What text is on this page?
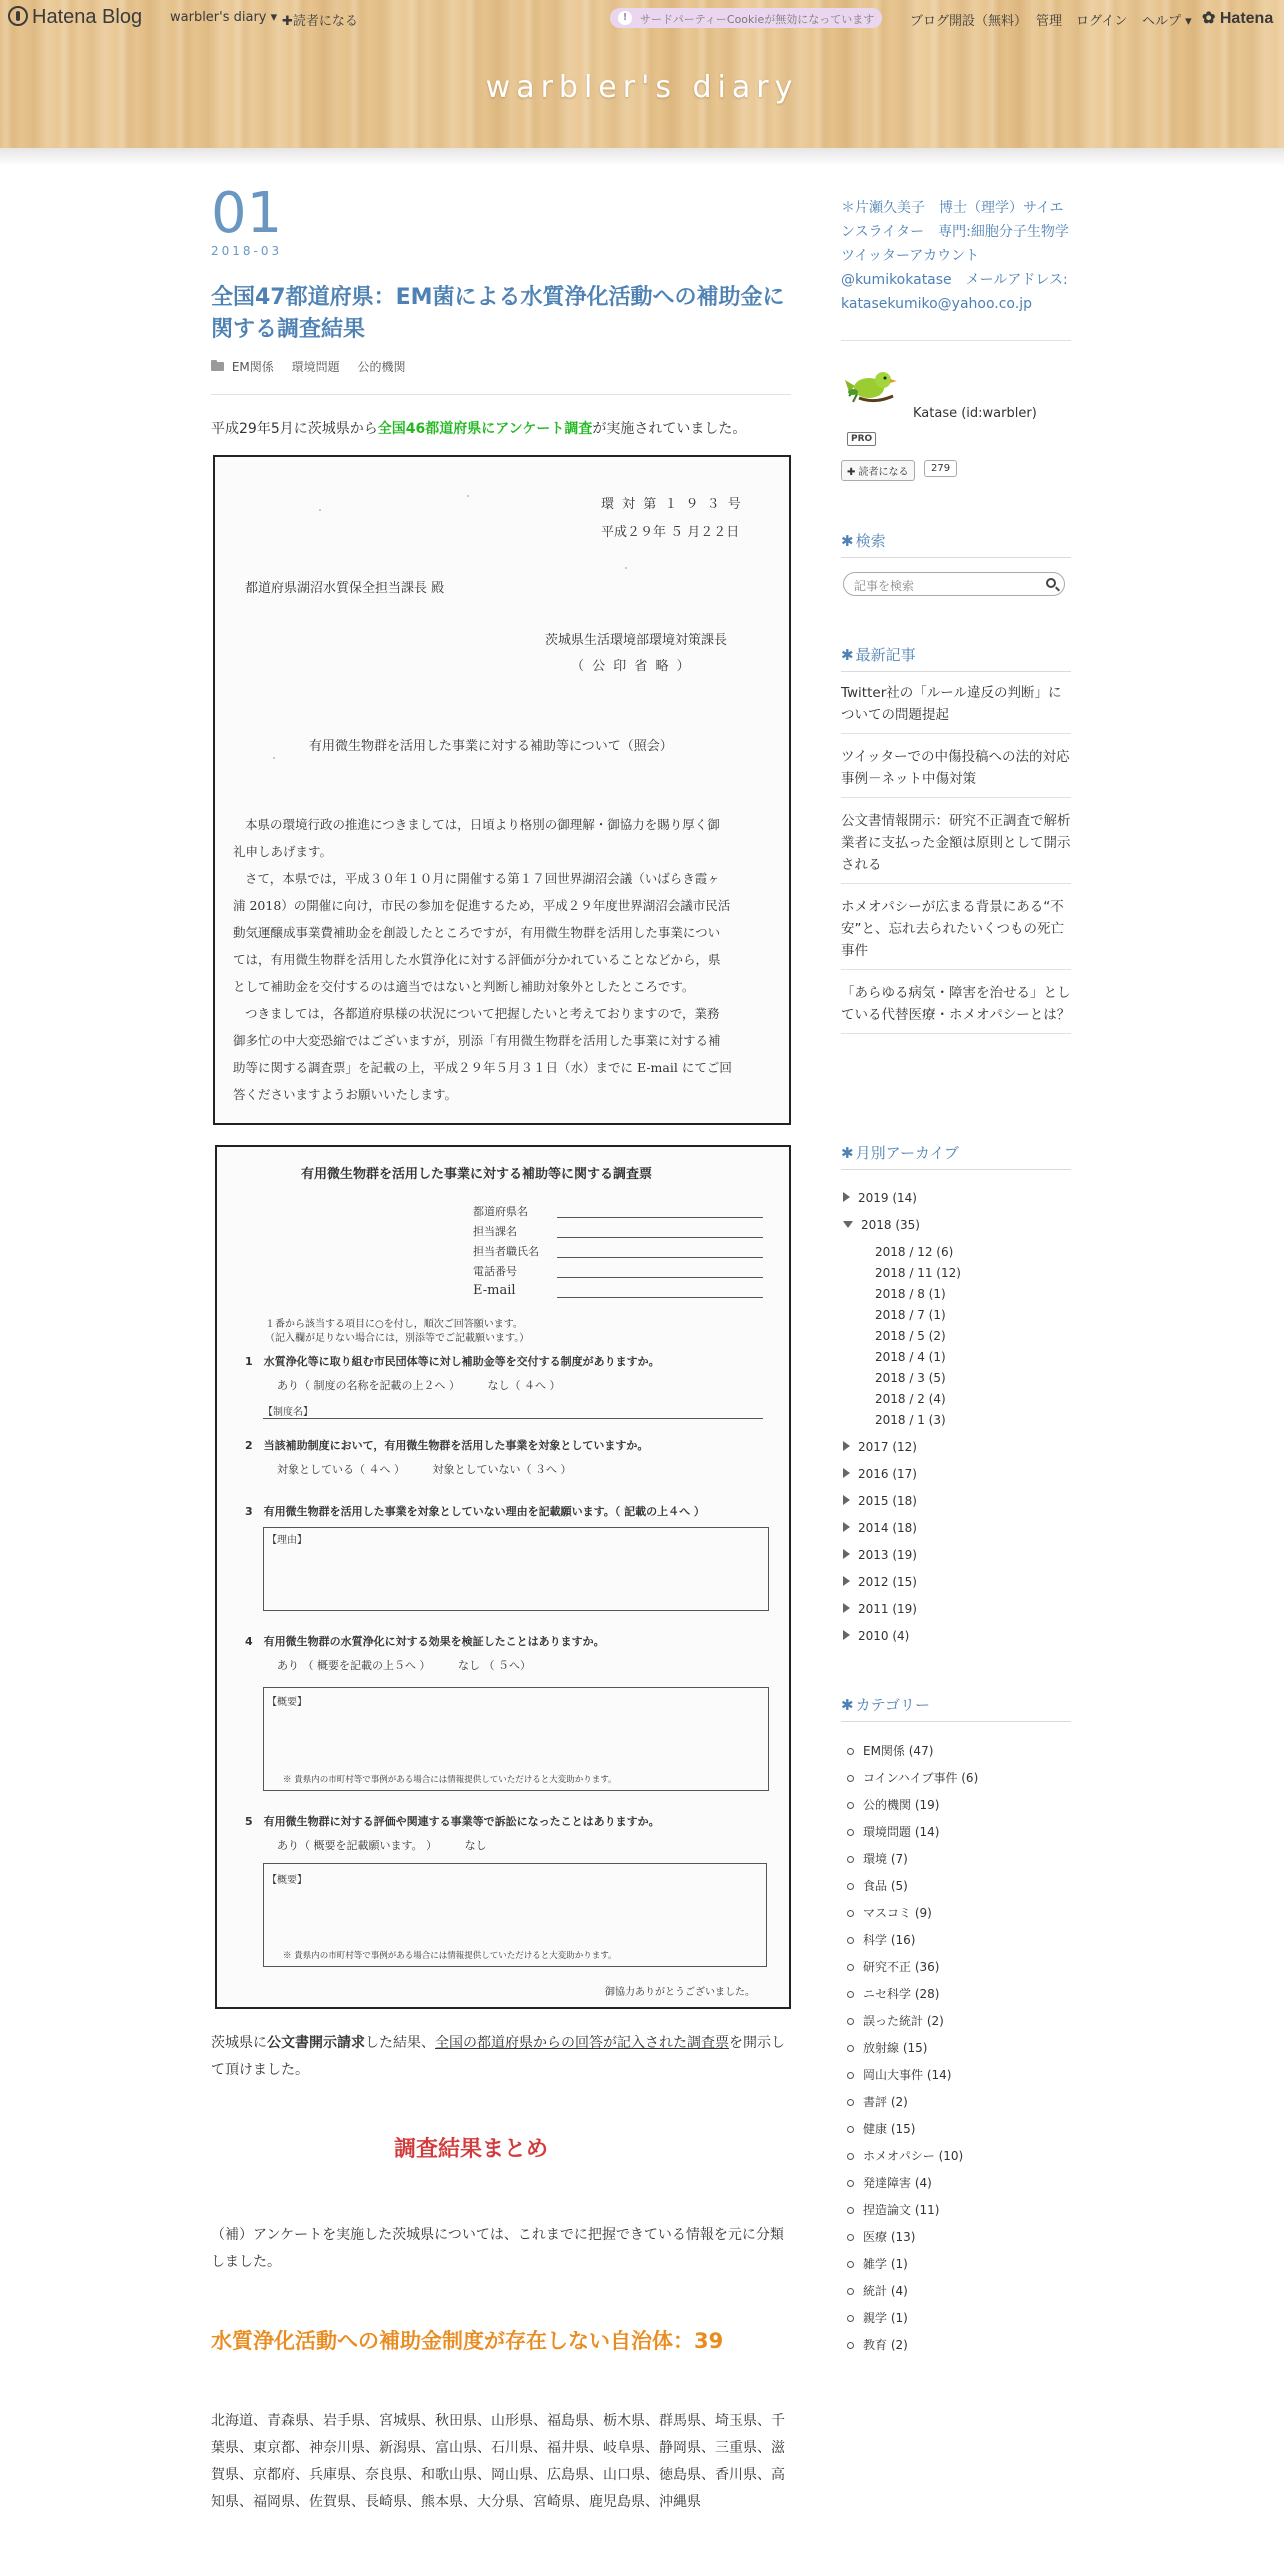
Hatena Blog warbler's diary ▾ ✚読者になる	!	サードパーティーCookieが無効になっています	ブログ開設（無料） 管理 ログイン ヘルプ ▾ ✿ Hatena
warbler's diary
01
2018-03
全国47都道府県：EM菌による水質浄化活動への補助金に関する調査結果
EM関係 環境問題 公的機関
平成29年5月に茨城県から全国46都道府県にアンケート調査が実施されていました。
環 対 第 １ ９ ３ 号
平成２９年 ５ 月２２日
都道府県湖沼水質保全担当課長 殿
茨城県生活環境部環境対策課長
（ 公 印 省 略 ）
有用微生物群を活用した事業に対する補助等について（照会）
本県の環境行政の推進につきましては，日頃より格別の御理解・御協力を賜り厚く御
礼申しあげます。
さて，本県では，平成３０年１０月に開催する第１７回世界湖沼会議（いばらき霞ヶ
浦 2018）の開催に向け，市民の参加を促進するため，平成２９年度世界湖沼会議市民活
動気運醸成事業費補助金を創設したところですが，有用微生物群を活用した事業につい
ては，有用微生物群を活用した水質浄化に対する評価が分かれていることなどから，県
として補助金を交付するのは適当ではないと判断し補助対象外としたところです。
つきましては，各都道府県様の状況について把握したいと考えておりますので，業務
御多忙の中大変恐縮ではございますが，別添「有用微生物群を活用した事業に対する補
助等に関する調査票」を記載の上，平成２９年５月３１日（水）までに E-mail にてご回
答くださいますようお願いいたします。
有用微生物群を活用した事業に対する補助等に関する調査票
都道府県名
担当課名
担当者職氏名
電話番号
E-mail
１番から該当する項目に○を付し，順次ご回答願います。
（記入欄が足りない場合には，別添等でご記載願います。）
1　水質浄化等に取り組む市民団体等に対し補助金等を交付する制度がありますか。
あり（ 制度の名称を記載の上２へ ）　　　なし（ ４へ ）
【制度名】
2　当該補助制度において，有用微生物群を活用した事業を対象としていますか。
対象としている（ ４へ ）　　　対象としていない（ ３へ ）
3　有用微生物群を活用した事業を対象としていない理由を記載願います。（ 記載の上４へ ）
【理由】
4　有用微生物群の水質浄化に対する効果を検証したことはありますか。
あり （ 概要を記載の上５へ ）　　　なし （ ５へ）
【概要】
※ 貴県内の市町村等で事例がある場合には情報提供していただけると大変助かります。
5　有用微生物群に対する評価や関連する事業等で訴訟になったことはありますか。
あり（ 概要を記載願います。 ）　　　なし
【概要】
※ 貴県内の市町村等で事例がある場合には情報提供していただけると大変助かります。
御協力ありがとうございました。
茨城県に公文書開示請求した結果、全国の都道府県からの回答が記入された調査票を開示して頂けました。
調査結果まとめ
（補）アンケートを実施した茨城県については、これまでに把握できている情報を元に分類しました。
水質浄化活動への補助金制度が存在しない自治体：39
北海道、青森県、岩手県、宮城県、秋田県、山形県、福島県、栃木県、群馬県、埼玉県、千葉県、東京都、神奈川県、新潟県、富山県、石川県、福井県、岐阜県、静岡県、三重県、滋賀県、京都府、兵庫県、奈良県、和歌山県、岡山県、広島県、山口県、徳島県、香川県、高知県、福岡県、佐賀県、長崎県、熊本県、大分県、宮崎県、鹿児島県、沖縄県
＊片瀬久美子　博士（理学）サイエンスライター　専門:細胞分子生物学　ツイッターアカウント @kumikokatase　メールアドレス: katasekumiko@yahoo.co.jp
Katase (id:warbler)
PRO
✚ 読者になる	279
✱ 検索
記事を検索
✱ 最新記事
Twitter社の「ルール違反の判断」についての問題提起
ツイッターでの中傷投稿への法的対応事例－ネット中傷対策
公文書情報開示：研究不正調査で解析業者に支払った金額は原則として開示される
ホメオパシーが広まる背景にある“不安”と、忘れ去られたいくつもの死亡事件
「あらゆる病気・障害を治せる」としている代替医療・ホメオパシーとは？
✱ 月別アーカイブ
2019 (14)
2018 (35)
2018 / 12 (6)
2018 / 11 (12)
2018 / 8 (1)
2018 / 7 (1)
2018 / 5 (2)
2018 / 4 (1)
2018 / 3 (5)
2018 / 2 (4)
2018 / 1 (3)
2017 (12)
2016 (17)
2015 (18)
2014 (18)
2013 (19)
2012 (15)
2011 (19)
2010 (4)
✱ カテゴリー
EM関係 (47)
コインハイブ事件 (6)
公的機関 (19)
環境問題 (14)
環境 (7)
食品 (5)
マスコミ (9)
科学 (16)
研究不正 (36)
ニセ科学 (28)
誤った統計 (2)
放射線 (15)
岡山大事件 (14)
書評 (2)
健康 (15)
ホメオパシー (10)
発達障害 (4)
捏造論文 (11)
医療 (13)
雑学 (1)
統計 (4)
親学 (1)
教育 (2)
